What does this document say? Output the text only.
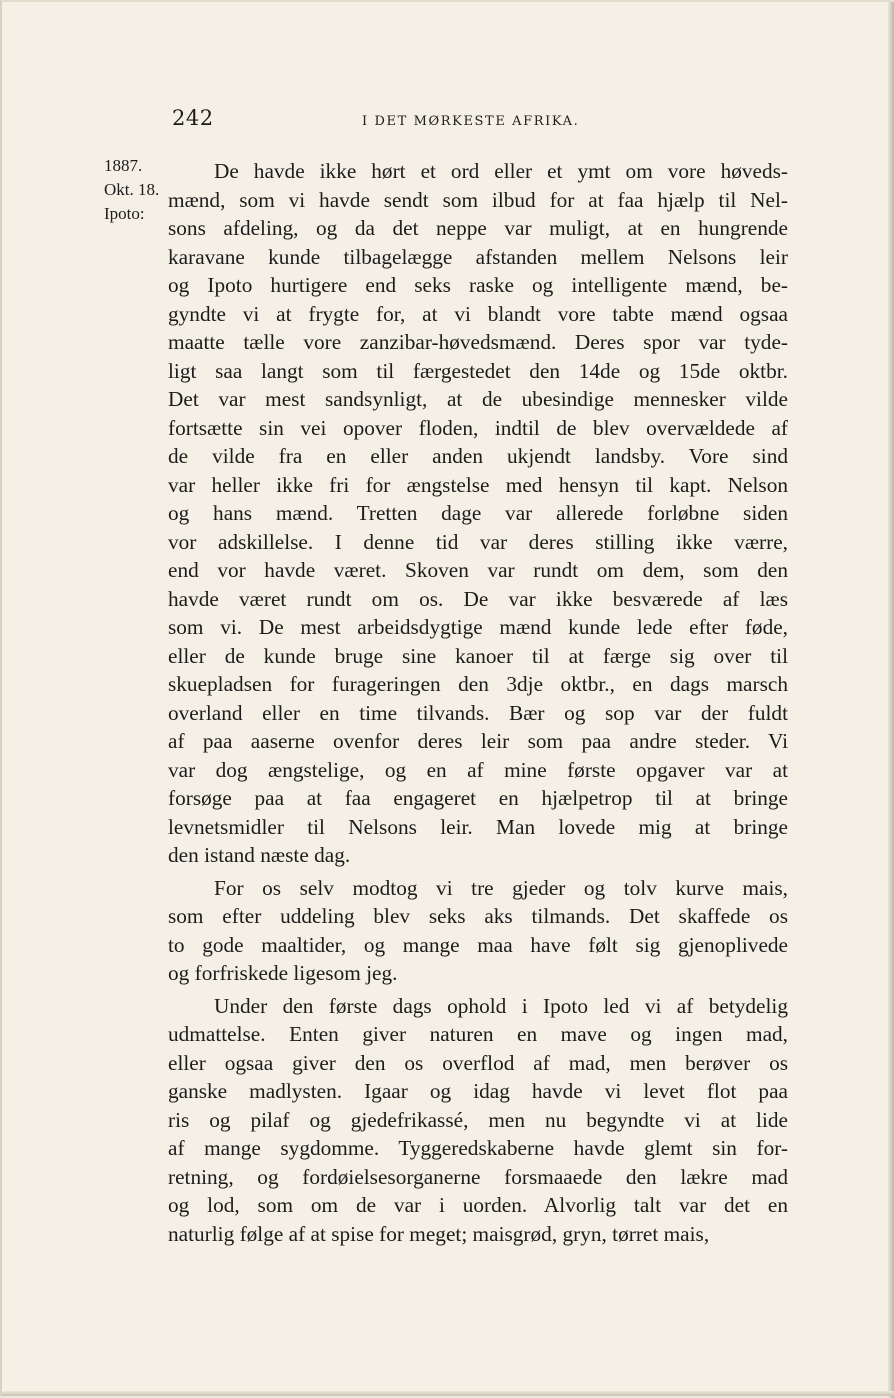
242	I DET MØRKESTE AFRIKA.
1887.
Okt. 18.
Ipoto:

De havde ikke hørt et ord eller et ymt om vore høveds-
mænd, som vi havde sendt som ilbud for at faa hjælp til Nel-
sons afdeling, og da det neppe var muligt, at en hungrende
karavane kunde tilbagelægge afstanden mellem Nelsons leir
og Ipoto hurtigere end seks raske og intelligente mænd, be-
gyndte vi at frygte for, at vi blandt vore tabte mænd ogsaa
maatte tælle vore zanzibar-høvedsmænd. Deres spor var tyde-
ligt saa langt som til færgestedet den 14de og 15de oktbr.
Det var mest sandsynligt, at de ubesindige mennesker vilde
fortsætte sin vei opover floden, indtil de blev overvældede af
de vilde fra en eller anden ukjendt landsby. Vore sind
var heller ikke fri for ængstelse med hensyn til kapt. Nelson
og hans mænd. Tretten dage var allerede forløbne siden
vor adskillelse. I denne tid var deres stilling ikke værre,
end vor havde været. Skoven var rundt om dem, som den
havde været rundt om os. De var ikke besværede af læs
som vi. De mest arbeidsdygtige mænd kunde lede efter føde,
eller de kunde bruge sine kanoer til at færge sig over til
skuepladsen for furageringen den 3dje oktbr., en dags marsch
overland eller en time tilvands. Bær og sop var der fuldt
af paa aaserne ovenfor deres leir som paa andre steder. Vi
var dog ængstelige, og en af mine første opgaver var at
forsøge paa at faa engageret en hjælpetrop til at bringe
levnetsmidler til Nelsons leir. Man lovede mig at bringe
den istand næste dag.

For os selv modtog vi tre gjeder og tolv kurve mais,
som efter uddeling blev seks aks tilmands. Det skaffede os
to gode maaltider, og mange maa have følt sig gjenoplivede
og forfriskede ligesom jeg.

Under den første dags ophold i Ipoto led vi af betydelig
udmattelse. Enten giver naturen en mave og ingen mad,
eller ogsaa giver den os overflod af mad, men berøver os
ganske madlysten. Igaar og idag havde vi levet flot paa
ris og pilaf og gjedefrikassé, men nu begyndte vi at lide
af mange sygdomme. Tyggeredskaberne havde glemt sin for-
retning, og fordøielsesorganerne forsmaaede den lækre mad
og lod, som om de var i uorden. Alvorlig talt var det en
naturlig følge af at spise for meget; maisgrød, gryn, tørret mais,
